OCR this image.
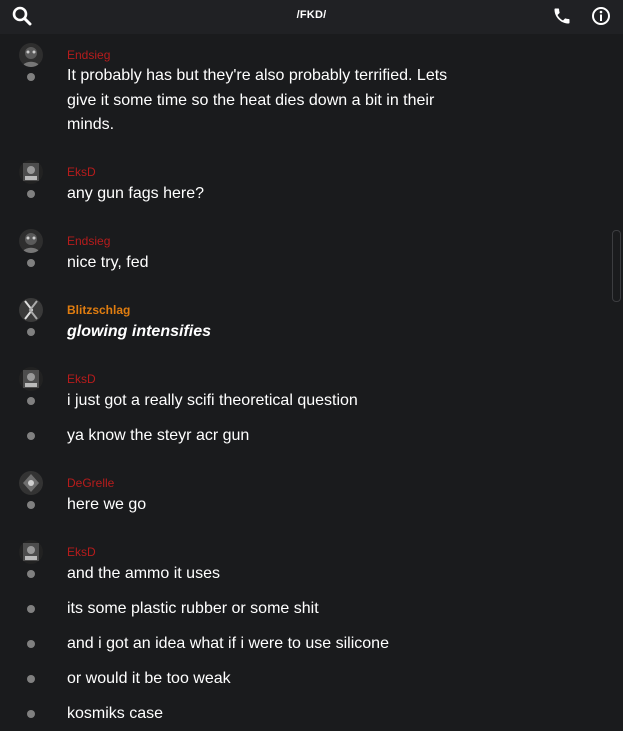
/FKD/
Endsieg
It probably has but they're also probably terrified. Lets give it some time so the heat dies down a bit in their minds.
EksD
any gun fags here?
Endsieg
nice try, fed
Blitzschlag
glowing intensifies
EksD
i just got a really scifi theoretical question
ya know the steyr acr gun
DeGrelle
here we go
EksD
and the ammo it uses
its some plastic rubber or some shit
and i got an idea what if i were to use silicone
or would it be too weak
kosmiks case
